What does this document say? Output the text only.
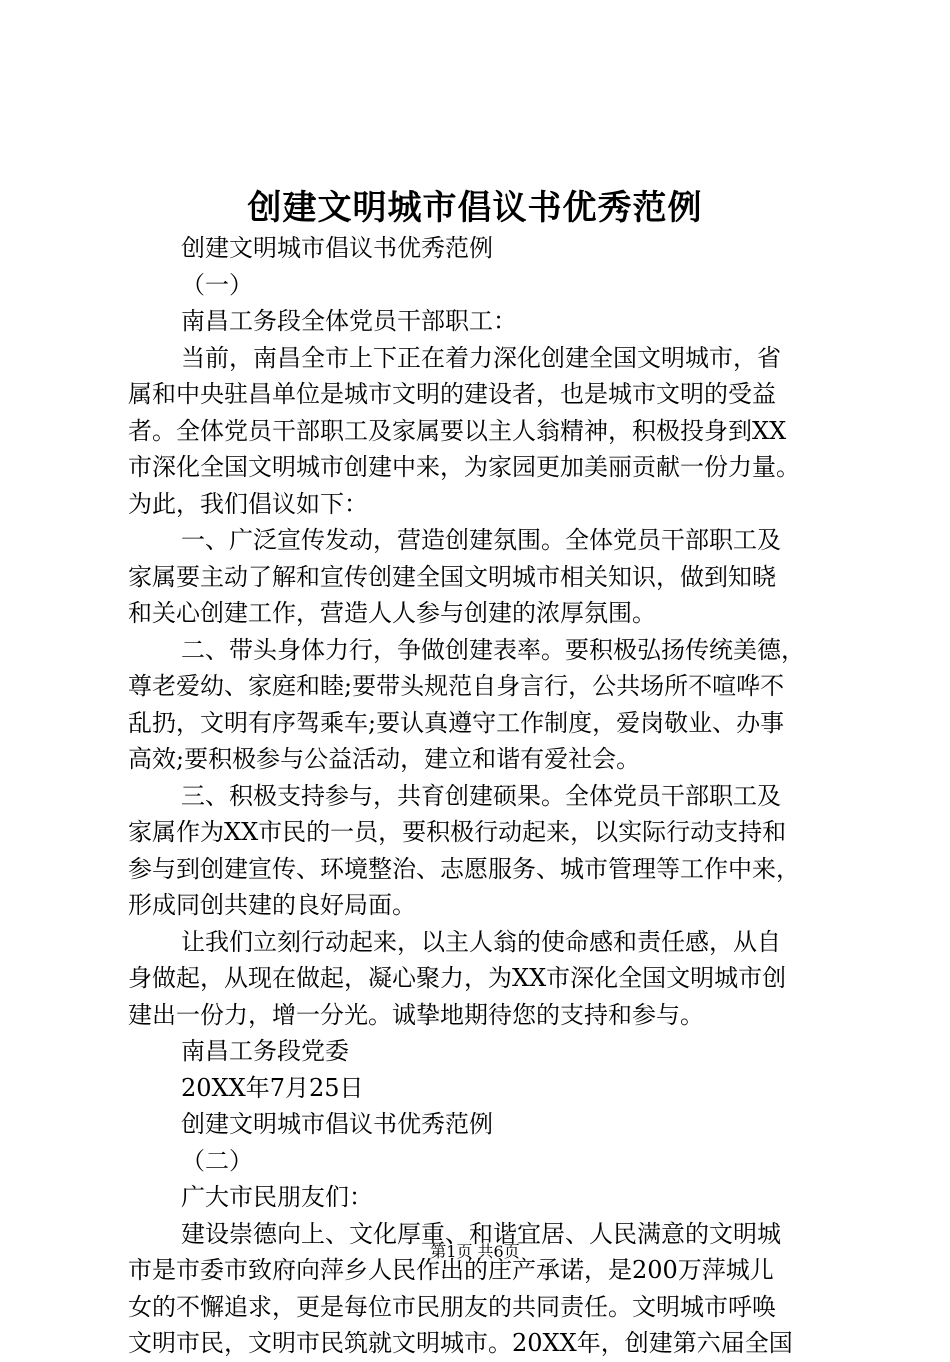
创建文明城市倡议书优秀范例
创建文明城市倡议书优秀范例
（一）
南昌工务段全体党员干部职工：
当前，南昌全市上下正在着力深化创建全国文明城市，省
属和中央驻昌单位是城市文明的建设者，也是城市文明的受益
者。全体党员干部职工及家属要以主人翁精神，积极投身到XX
市深化全国文明城市创建中来，为家园更加美丽贡献一份力量。
为此，我们倡议如下：
一、广泛宣传发动，营造创建氛围。全体党员干部职工及
家属要主动了解和宣传创建全国文明城市相关知识，做到知晓
和关心创建工作，营造人人参与创建的浓厚氛围。
二、带头身体力行，争做创建表率。要积极弘扬传统美德，
尊老爱幼、家庭和睦;要带头规范自身言行，公共场所不喧哗不
乱扔，文明有序驾乘车;要认真遵守工作制度，爱岗敬业、办事
高效;要积极参与公益活动，建立和谐有爱社会。
三、积极支持参与，共育创建硕果。全体党员干部职工及
家属作为XX市民的一员，要积极行动起来，以实际行动支持和
参与到创建宣传、环境整治、志愿服务、城市管理等工作中来，
形成同创共建的良好局面。
让我们立刻行动起来，以主人翁的使命感和责任感，从自
身做起，从现在做起，凝心聚力，为XX市深化全国文明城市创
建出一份力，增一分光。诚挚地期待您的支持和参与。
南昌工务段党委
20XX年7月25日
创建文明城市倡议书优秀范例
（二）
广大市民朋友们：
建设崇德向上、文化厚重、和谐宜居、人民满意的文明城
市是市委市致府向萍乡人民作出的庄产承诺，是200万萍城儿
女的不懈追求，更是每位市民朋友的共同责任。文明城市呼唤
文明市民，文明市民筑就文明城市。20XX年，创建第六届全国
第1页 共6页
